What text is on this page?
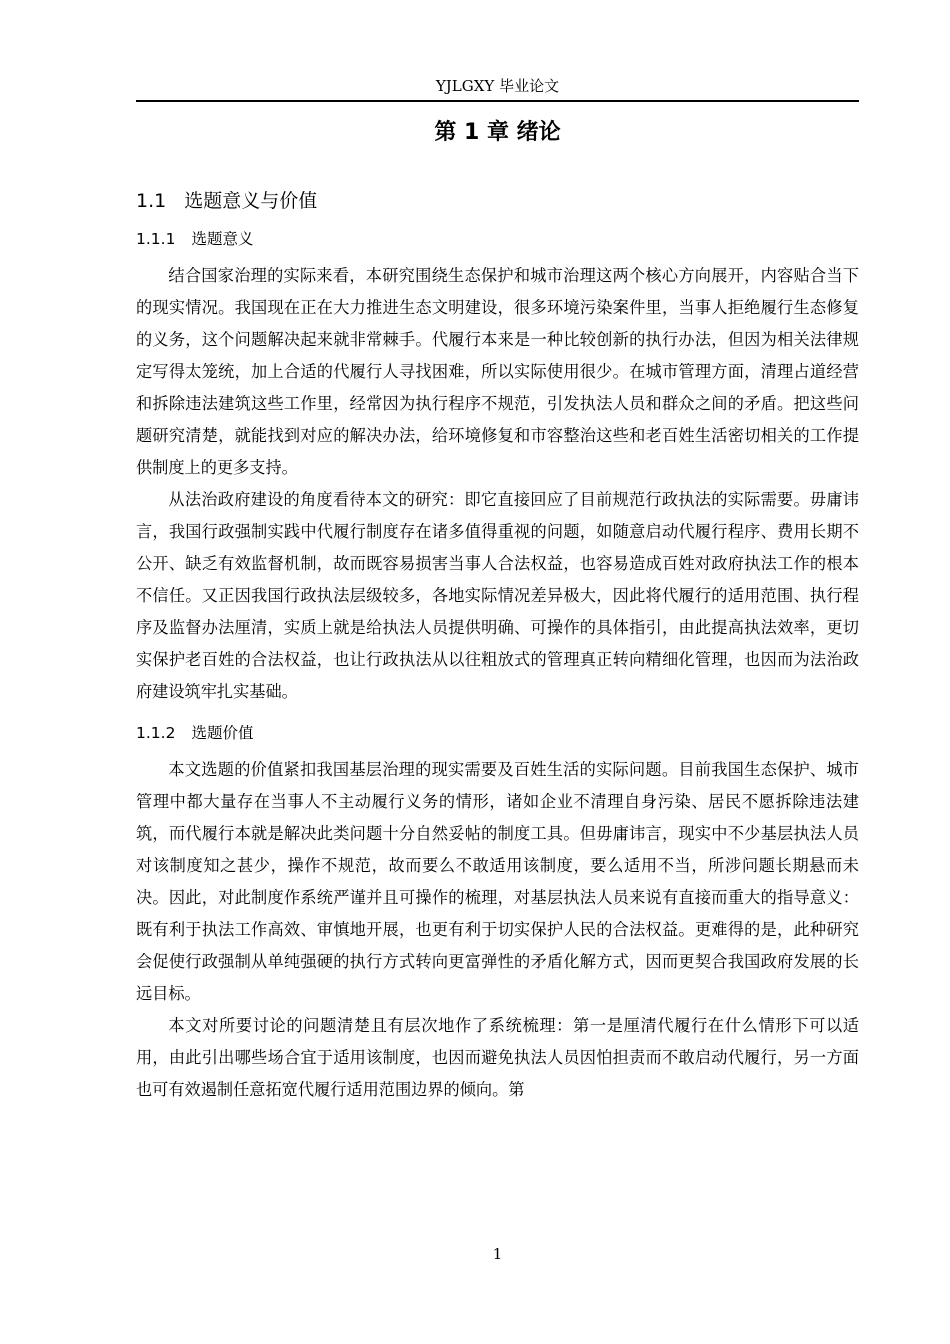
YJLGXY 毕业论文
第 1 章 绪论
1.1 选题意义与价值
1.1.1 选题意义

结合国家治理的实际来看，本研究围绕生态保护和城市治理这两个核心方向展开，内容贴合当下的现实情况。我国现在正在大力推进生态文明建设，很多环境污染案件里，当事人拒绝履行生态修复的义务，这个问题解决起来就非常棘手。代履行本来是一种比较创新的执行办法，但因为相关法律规定写得太笼统，加上合适的代履行人寻找困难，所以实际使用很少。在城市管理方面，清理占道经营和拆除违法建筑这些工作里，经常因为执行程序不规范，引发执法人员和群众之间的矛盾。把这些问题研究清楚，就能找到对应的解决办法，给环境修复和市容整治这些和老百姓生活密切相关的工作提供制度上的更多支持。

从法治政府建设的角度看待本文的研究：即它直接回应了目前规范行政执法的实际需要。毋庸讳言，我国行政强制实践中代履行制度存在诸多值得重视的问题，如随意启动代履行程序、费用长期不公开、缺乏有效监督机制，故而既容易损害当事人合法权益，也容易造成百姓对政府执法工作的根本不信任。又正因我国行政执法层级较多，各地实际情况差异极大，因此将代履行的适用范围、执行程序及监督办法厘清，实质上就是给执法人员提供明确、可操作的具体指引，由此提高执法效率，更切实保护老百姓的合法权益，也让行政执法从以往粗放式的管理真正转向精细化管理，也因而为法治政府建设筑牢扎实基础。

1.1.2 选题价值

本文选题的价值紧扣我国基层治理的现实需要及百姓生活的实际问题。目前我国生态保护、城市管理中都大量存在当事人不主动履行义务的情形，诸如企业不清理自身污染、居民不愿拆除违法建筑，而代履行本就是解决此类问题十分自然妥帖的制度工具。但毋庸讳言，现实中不少基层执法人员对该制度知之甚少，操作不规范，故而要么不敢适用该制度，要么适用不当，所涉问题长期悬而未决。因此，对此制度作系统严谨并且可操作的梳理，对基层执法人员来说有直接而重大的指导意义：既有利于执法工作高效、审慎地开展，也更有利于切实保护人民的合法权益。更难得的是，此种研究会促使行政强制从单纯强硬的执行方式转向更富弹性的矛盾化解方式，因而更契合我国政府发展的长远目标。

本文对所要讨论的问题清楚且有层次地作了系统梳理：第一是厘清代履行在什么情形下可以适用，由此引出哪些场合宜于适用该制度，也因而避免执法人员因怕担责而不敢启动代履行，另一方面也可有效遏制任意拓宽代履行适用范围边界的倾向。第

1
